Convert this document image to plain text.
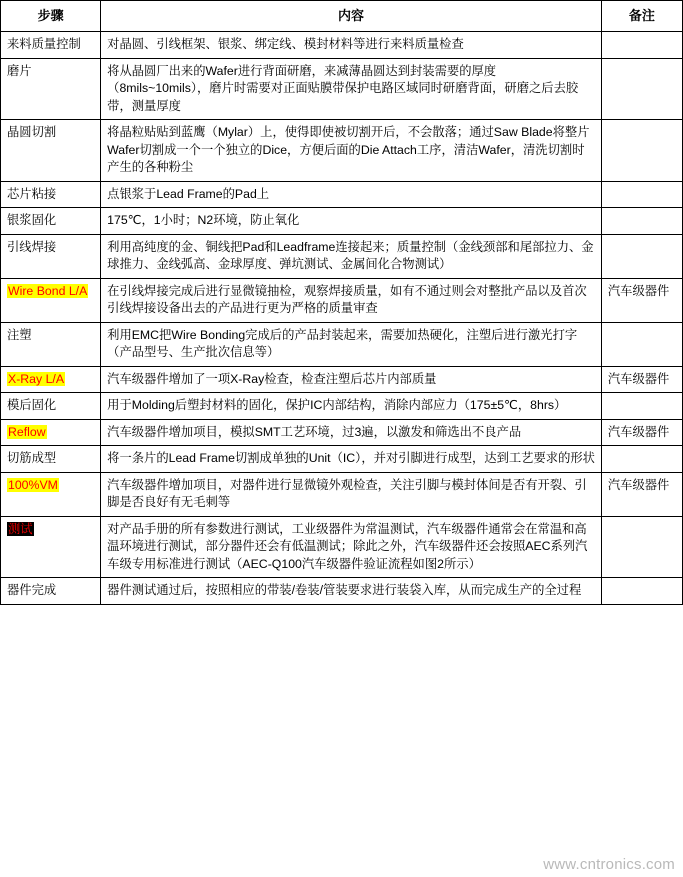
步骤	内容	备注
来料质量控制	对晶圆、引线框架、银浆、绑定线、模封材料等进行来料质量检查	
磨片	将从晶圆厂出来的Wafer进行背面研磨，来减薄晶圆达到封装需要的厚度（8mils~10mils），磨片时需要对正面贴膜带保护电路区域同时研磨背面，研磨之后去胶带，测量厚度	
晶圆切割	将晶粒贴贴到蓝鹰（Mylar）上，使得即使被切割开后，不会散落；通过Saw Blade将整片Wafer切割成一个一个独立的Dice，方便后面的Die Attach工序，清洁Wafer，清洗切割时产生的各种粉尘	
芯片粘接	点银浆于Lead Frame的Pad上	
银浆固化	175℃，1小时；N2环境，防止氧化	
引线焊接	利用高纯度的金、铜线把Pad和Leadframe连接起来；质量控制（金线颈部和尾部拉力、金球推力、金线弧高、金球厚度、弹坑测试、金属间化合物测试）	
Wire Bond L/A	在引线焊接完成后进行显微镜抽检，观察焊接质量，如有不通过则会对整批产品以及首次引线焊接设备出去的产品进行更为严格的质量审查	汽车级器件
注塑	利用EMC把Wire Bonding完成后的产品封装起来，需要加热硬化，注塑后进行激光打字（产品型号、生产批次信息等）	
X-Ray L/A	汽车级器件增加了一项X-Ray检查，检查注塑后芯片内部质量	汽车级器件
模后固化	用于Molding后塑封材料的固化，保护IC内部结构，消除内部应力（175±5℃，8hrs）	
Reflow	汽车级器件增加项目，模拟SMT工艺环境，过3遍，以激发和筛选出不良产品	汽车级器件
切筋成型	将一条片的Lead Frame切割成单独的Unit（IC），并对引脚进行成型，达到工艺要求的形状	
100%VM	汽车级器件增加项目，对器件进行显微镜外观检查，关注引脚与模封体间是否有开裂、引脚是否良好有无毛刺等	汽车级器件
测试	对产品手册的所有参数进行测试，工业级器件为常温测试，汽车级器件通常会在常温和高温环境进行测试，部分器件还会有低温测试；除此之外，汽车级器件还会按照AEC系列汽车级专用标准进行测试（AEC-Q100汽车级器件验证流程如图2所示）	
器件完成	器件测试通过后，按照相应的带装/卷装/管装要求进行装袋入库，从而完成生产的全过程	
www.cntronics.com
